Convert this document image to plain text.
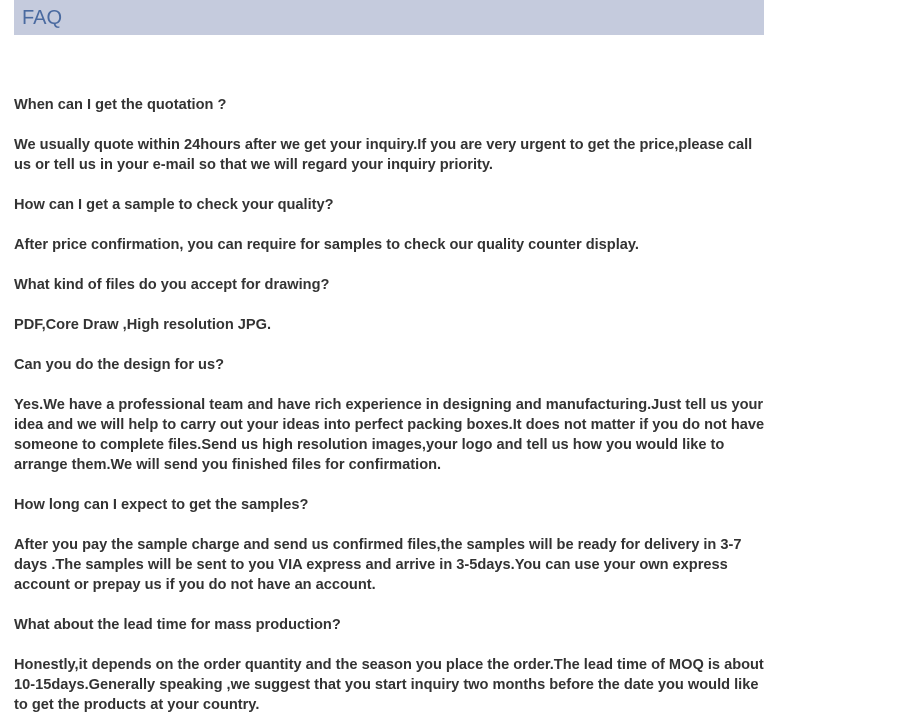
FAQ

When can I get the quotation ?

We usually quote within 24hours after we get your inquiry.If you are very urgent to get the price,please call us or tell us in your e-mail so that we will regard your inquiry priority.

How can I get a sample to check your quality?

After price confirmation, you can require for samples to check our quality counter display.

What kind of files do you accept for drawing?

PDF,Core Draw ,High resolution JPG.

Can you do the design for us?

Yes.We have a professional team and have rich experience in designing and manufacturing.Just tell us your idea and we will help to carry out your ideas into perfect packing boxes.It does not matter if you do not have someone to complete files.Send us high resolution images,your logo and tell us how you would like to arrange them.We will send you finished files for confirmation.

How long can I expect to get the samples?

After you pay the sample charge and send us confirmed files,the samples will be ready for delivery in 3-7 days .The samples will be sent to you VIA express and arrive in 3-5days.You can use your own express account or prepay us if you do not have an account.

What about the lead time for mass production?

Honestly,it depends on the order quantity and the season you place the order.The lead time of MOQ is about 10-15days.Generally speaking ,we suggest that you start inquiry two months before the date you would like to get the products at your country.
